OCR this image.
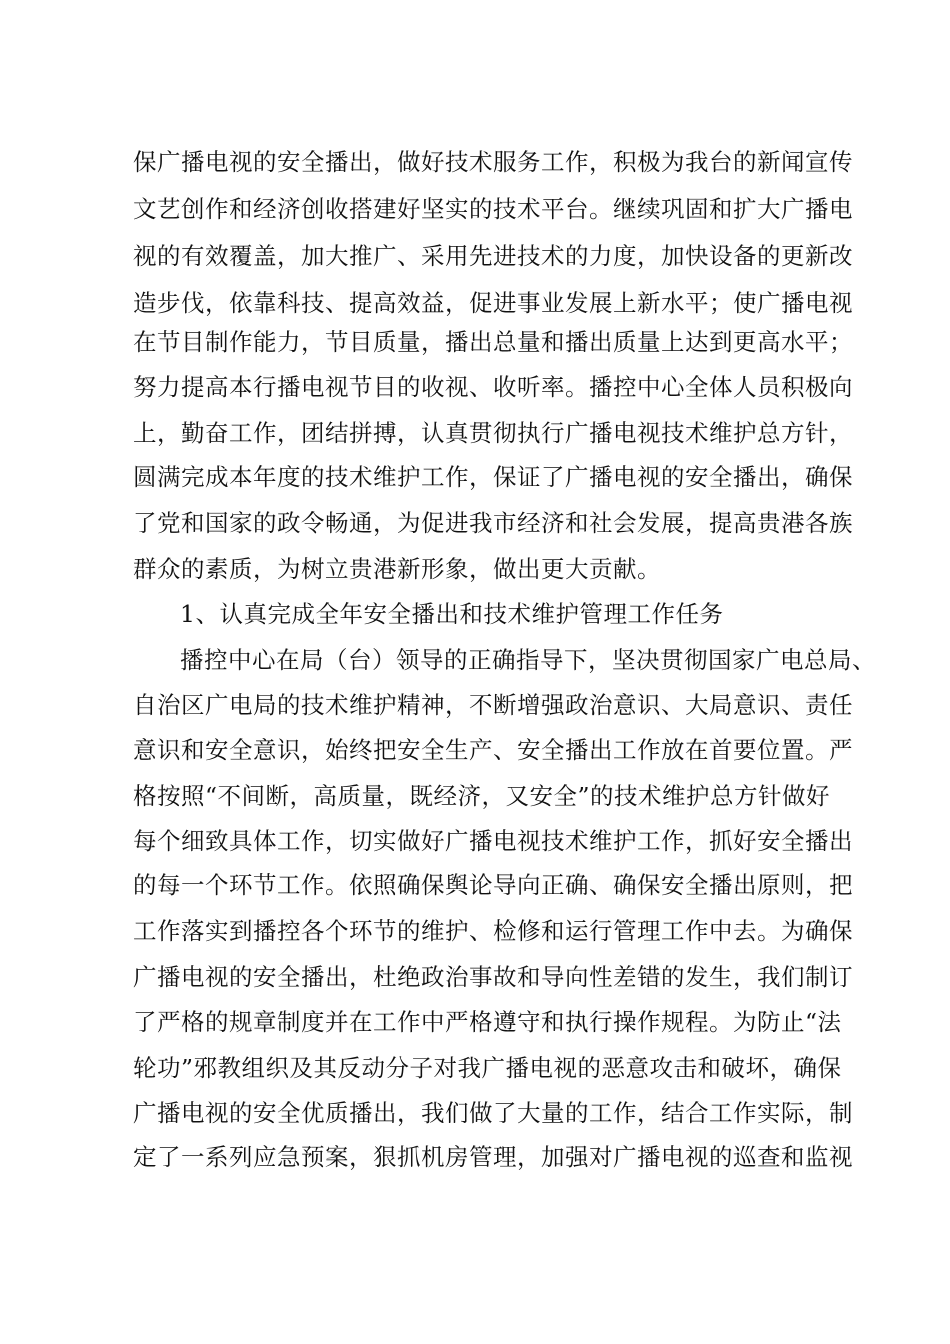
保广播电视的安全播出，做好技术服务工作，积极为我台的新闻宣传
文艺创作和经济创收搭建好坚实的技术平台。继续巩固和扩大广播电
视的有效覆盖，加大推广、采用先进技术的力度，加快设备的更新改
造步伐，依靠科技、提高效益，促进事业发展上新水平；使广播电视
在节目制作能力，节目质量，播出总量和播出质量上达到更高水平；
努力提高本行播电视节目的收视、收听率。播控中心全体人员积极向
上，勤奋工作，团结拼搏，认真贯彻执行广播电视技术维护总方针，
圆满完成本年度的技术维护工作，保证了广播电视的安全播出，确保
了党和国家的政令畅通，为促进我市经济和社会发展，提高贵港各族
群众的素质，为树立贵港新形象，做出更大贡献。
1、认真完成全年安全播出和技术维护管理工作任务
播控中心在局（台）领导的正确指导下，坚决贯彻国家广电总局、
自治区广电局的技术维护精神，不断增强政治意识、大局意识、责任
意识和安全意识，始终把安全生产、安全播出工作放在首要位置。严
格按照“不间断，高质量，既经济，又安全”的技术维护总方针做好
每个细致具体工作，切实做好广播电视技术维护工作，抓好安全播出
的每一个环节工作。依照确保舆论导向正确、确保安全播出原则，把
工作落实到播控各个环节的维护、检修和运行管理工作中去。为确保
广播电视的安全播出，杜绝政治事故和导向性差错的发生，我们制订
了严格的规章制度并在工作中严格遵守和执行操作规程。为防止“法
轮功”邪教组织及其反动分子对我广播电视的恶意攻击和破坏，确保
广播电视的安全优质播出，我们做了大量的工作，结合工作实际，制
定了一系列应急预案，狠抓机房管理，加强对广播电视的巡查和监视
